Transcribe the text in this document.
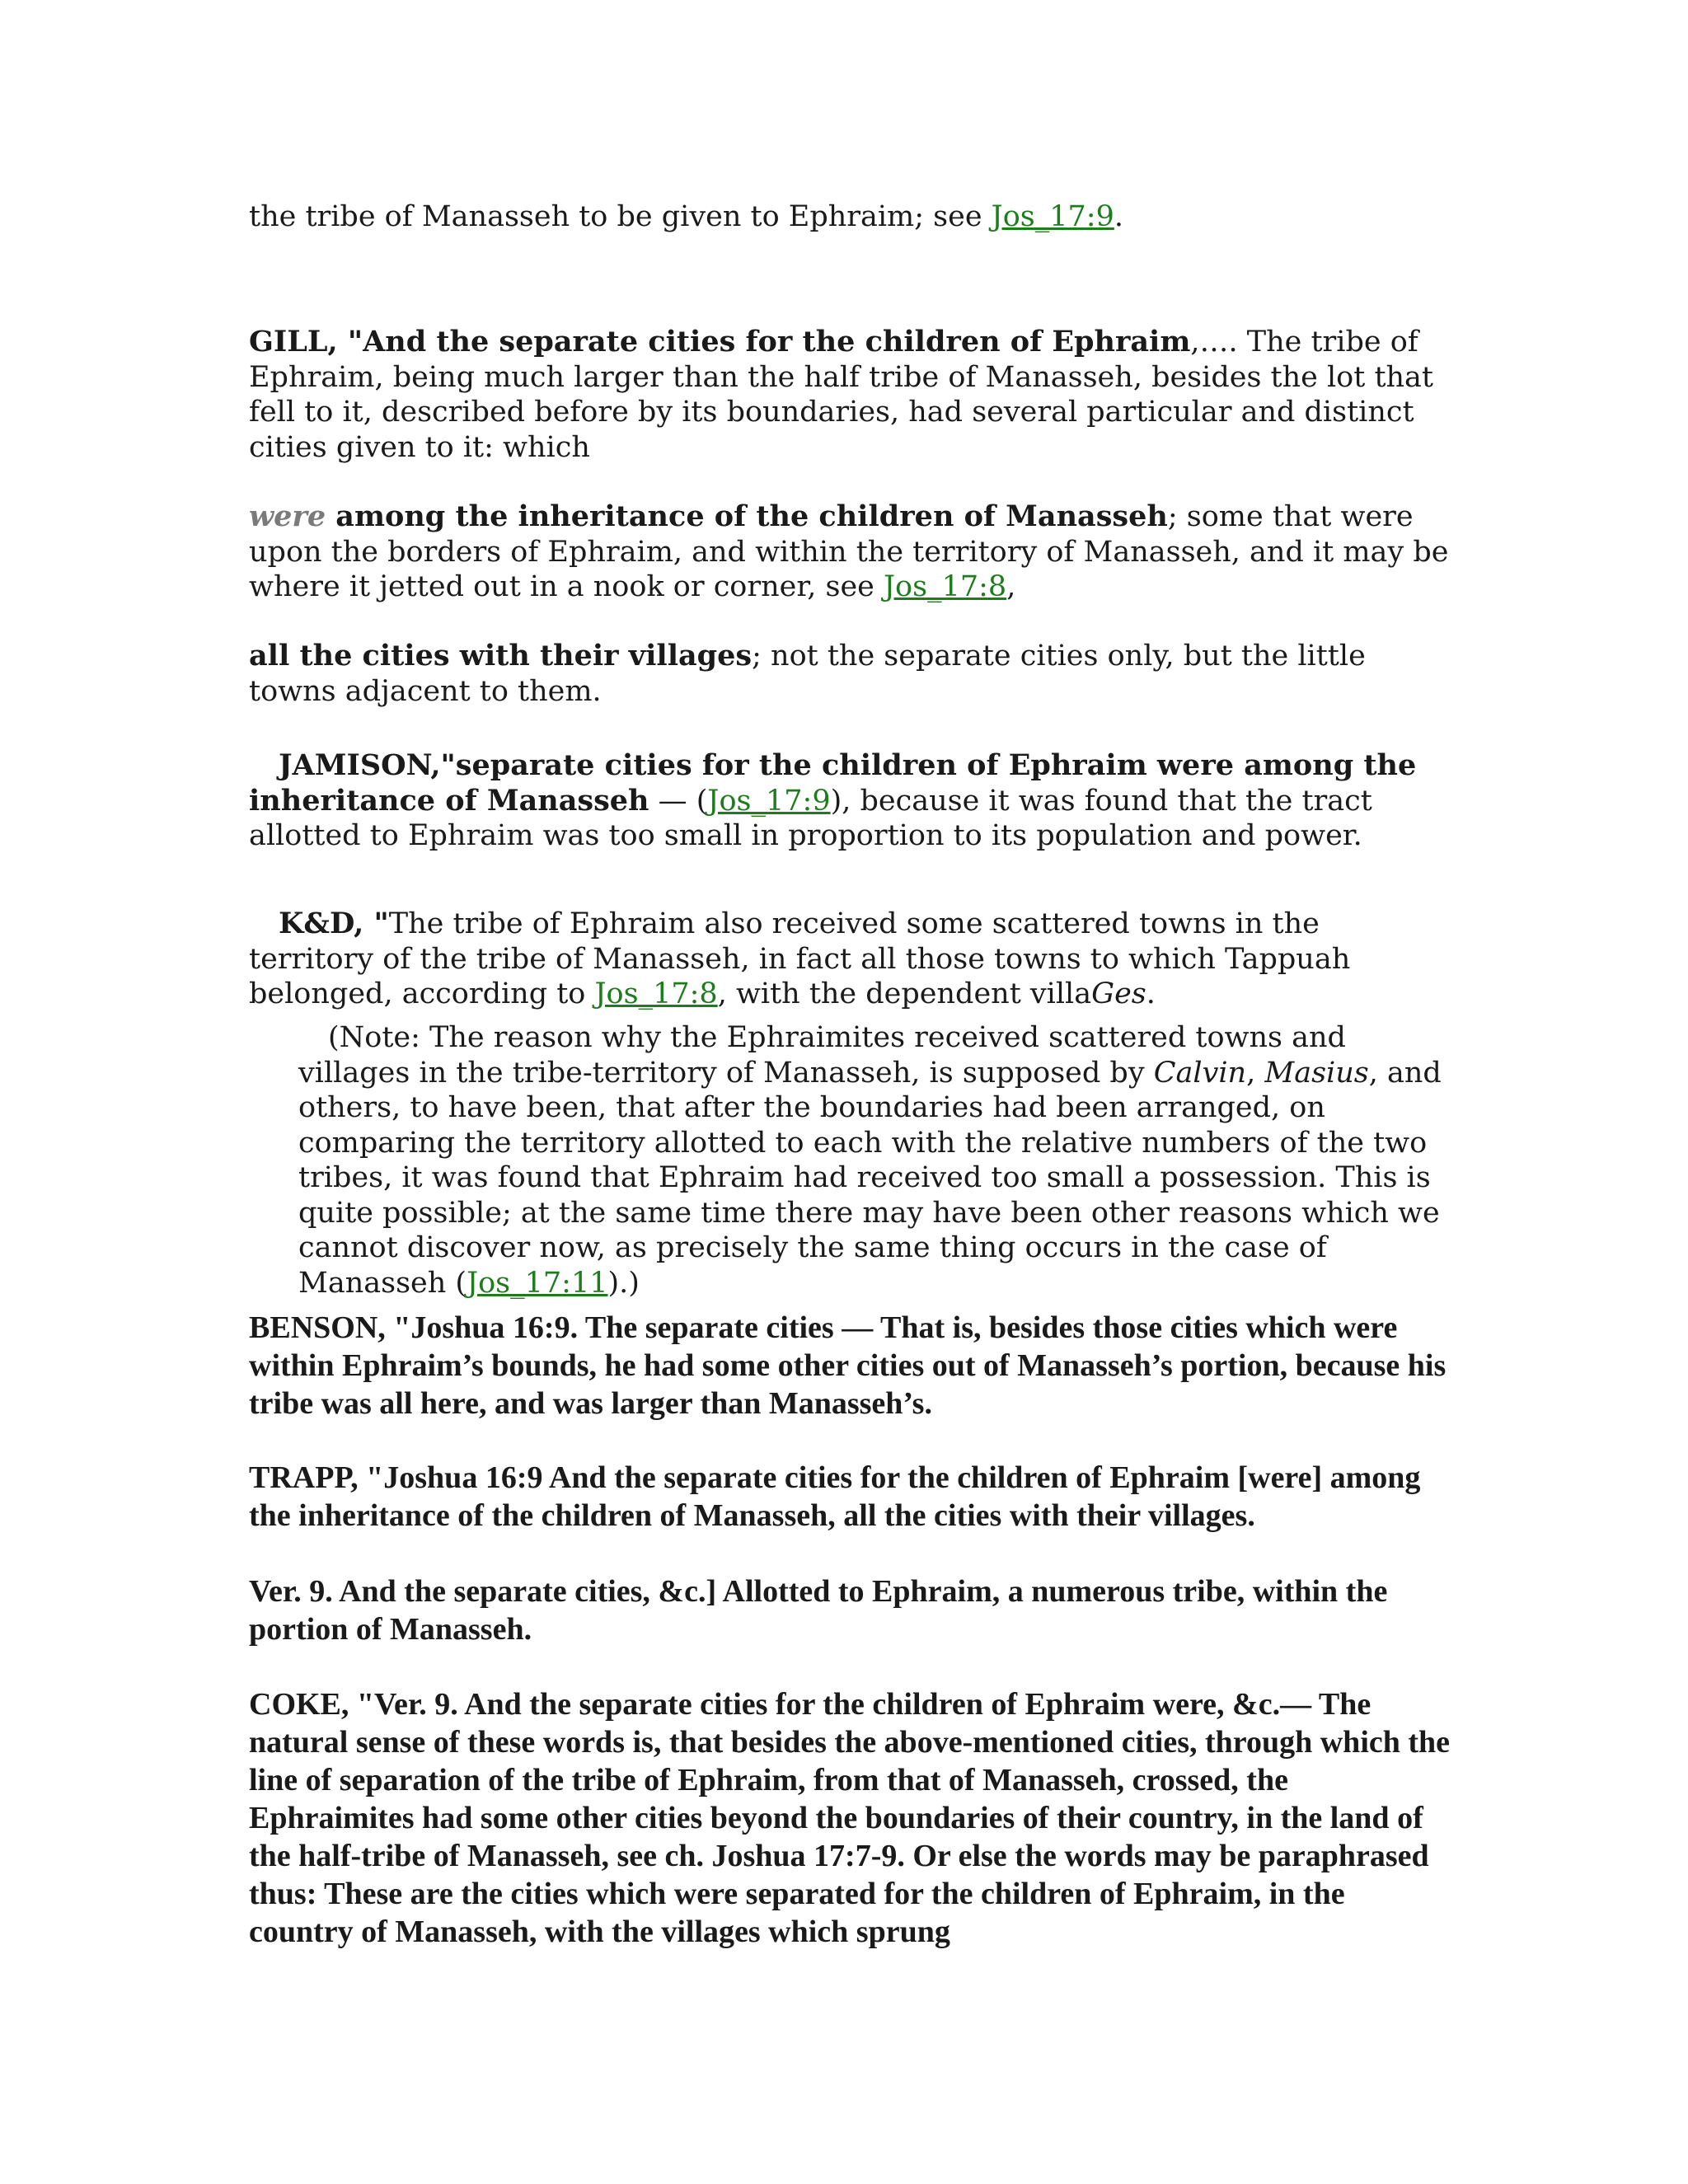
the tribe of Manasseh to be given to Ephraim; see Jos_17:9.

GILL, "And the separate cities for the children of Ephraim,…. The tribe of Ephraim, being much larger than the half tribe of Manasseh, besides the lot that fell to it, described before by its boundaries, had several particular and distinct cities given to it: which

were among the inheritance of the children of Manasseh; some that were upon the borders of Ephraim, and within the territory of Manasseh, and it may be where it jetted out in a nook or corner, see Jos_17:8,

all the cities with their villages; not the separate cities only, but the little towns adjacent to them.

JAMISON,"separate cities for the children of Ephraim were among the inheritance of Manasseh — (Jos_17:9), because it was found that the tract allotted to Ephraim was too small in proportion to its population and power.

K&D, "The tribe of Ephraim also received some scattered towns in the territory of the tribe of Manasseh, in fact all those towns to which Tappuah belonged, according to Jos_17:8, with the dependent villaGes.

(Note: The reason why the Ephraimites received scattered towns and villages in the tribe-territory of Manasseh, is supposed by Calvin, Masius, and others, to have been, that after the boundaries had been arranged, on comparing the territory allotted to each with the relative numbers of the two tribes, it was found that Ephraim had received too small a possession. This is quite possible; at the same time there may have been other reasons which we cannot discover now, as precisely the same thing occurs in the case of Manasseh (Jos_17:11).)

BENSON, "Joshua 16:9. The separate cities — That is, besides those cities which were within Ephraim’s bounds, he had some other cities out of Manasseh’s portion, because his tribe was all here, and was larger than Manasseh’s.

TRAPP, "Joshua 16:9 And the separate cities for the children of Ephraim [were] among the inheritance of the children of Manasseh, all the cities with their villages.

Ver. 9. And the separate cities, &c.] Allotted to Ephraim, a numerous tribe, within the portion of Manasseh.

COKE, "Ver. 9. And the separate cities for the children of Ephraim were, &c.— The natural sense of these words is, that besides the above-mentioned cities, through which the line of separation of the tribe of Ephraim, from that of Manasseh, crossed, the Ephraimites had some other cities beyond the boundaries of their country, in the land of the half-tribe of Manasseh, see ch. Joshua 17:7-9. Or else the words may be paraphrased thus: These are the cities which were separated for the children of Ephraim, in the country of Manasseh, with the villages which sprung
